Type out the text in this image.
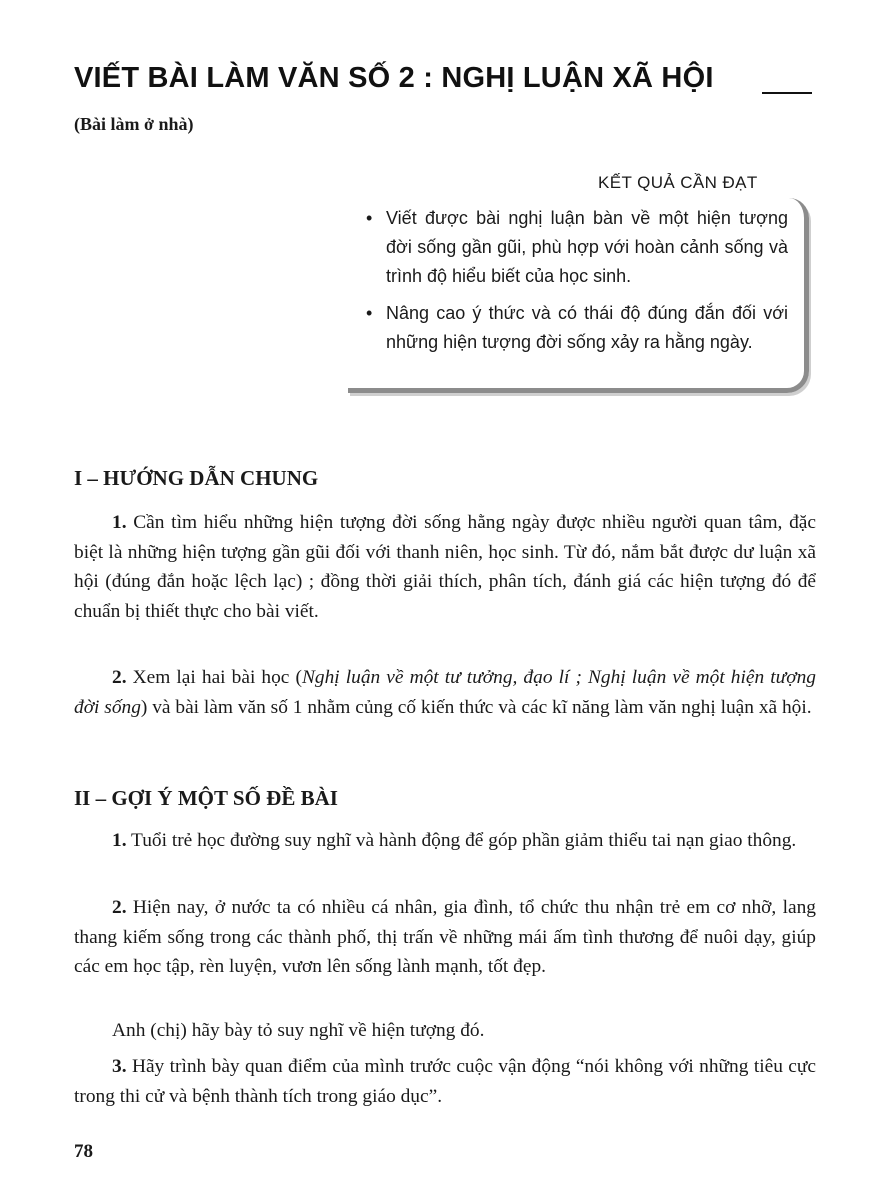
VIẾT BÀI LÀM VĂN SỐ 2 : NGHỊ LUẬN XÃ HỘI
(Bài làm ở nhà)
KẾT QUẢ CẦN ĐẠT
• Viết được bài nghị luận bàn về một hiện tượng đời sống gần gũi, phù hợp với hoàn cảnh sống và trình độ hiểu biết của học sinh.
• Nâng cao ý thức và có thái độ đúng đắn đối với những hiện tượng đời sống xảy ra hằng ngày.
I – HƯỚNG DẪN CHUNG

1. Cần tìm hiểu những hiện tượng đời sống hằng ngày được nhiều người quan tâm, đặc biệt là những hiện tượng gần gũi đối với thanh niên, học sinh. Từ đó, nắm bắt được dư luận xã hội (đúng đắn hoặc lệch lạc) ; đồng thời giải thích, phân tích, đánh giá các hiện tượng đó để chuẩn bị thiết thực cho bài viết.

2. Xem lại hai bài học (Nghị luận về một tư tưởng, đạo lí ; Nghị luận về một hiện tượng đời sống) và bài làm văn số 1 nhằm củng cố kiến thức và các kĩ năng làm văn nghị luận xã hội.

II – GỢI Ý MỘT SỐ ĐỀ BÀI

1. Tuổi trẻ học đường suy nghĩ và hành động để góp phần giảm thiểu tai nạn giao thông.

2. Hiện nay, ở nước ta có nhiều cá nhân, gia đình, tổ chức thu nhận trẻ em cơ nhỡ, lang thang kiếm sống trong các thành phố, thị trấn về những mái ấm tình thương để nuôi dạy, giúp các em học tập, rèn luyện, vươn lên sống lành mạnh, tốt đẹp.

Anh (chị) hãy bày tỏ suy nghĩ về hiện tượng đó.

3. Hãy trình bày quan điểm của mình trước cuộc vận động “nói không với những tiêu cực trong thi cử và bệnh thành tích trong giáo dục”.

78
